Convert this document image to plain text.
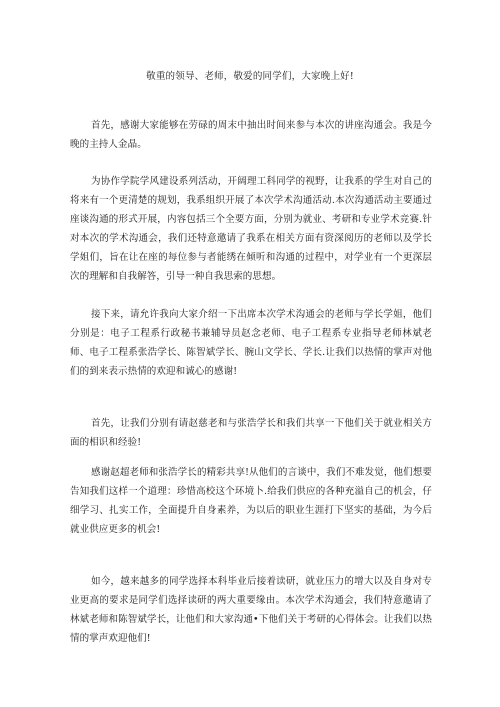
敬重的领导、老师，敬爱的同学们，大家晚上好!

首先，感谢大家能够在劳碌的周末中抽出时间来参与本次的讲座沟通会。我是今晚的主持人金晶。

为协作学院学风建设系列活动，开阔理工科同学的视野，让我系的学生对自己的将来有一个更清楚的规划，我系组织开展了本次学术沟通活动.本次沟通活动主要通过座谈沟通的形式开展，内容包括三个全要方面，分别为就业、考研和专业学术竞赛.针对本次的学术沟通会，我们还特意邀请了我系在相关方面有资深阅历的老师以及学长学姐们，旨在让在座的每位参与者能绣在倾听和沟通的过程中，对学业有一个更深层次的理解和自我解答，引导一种自我思索的思想。

接下来，请允许我向大家介绍一下出席本次学术沟通会的老师与学长学姐，他们分别是：电子工程系行政秘书兼辅导员赵念老师、电子工程系专业指导老师林斌老师、电子工程系张浩学长、陈智斌学长、腕山文学长、学长.让我们以热情的掌声对他们的到来表示热情的欢迎和诚心的感谢!

首先，让我们分别有请赵慈老和与张浩学长和我们共享一下他们关于就业相关方面的相识和经验!

感谢赵超老师和张浩学长的精彩共享!从他们的言谈中，我们不难发觉，他们想要告知我们这样一个道理：珍惜高校这个环境卜.给我们供应的各种充溢自己的机会，仔细学习、扎实工作，全面提升自身素养，为以后的职业生涯打下坚实的基础，为今后就业供应更多的机会!

如今，越来越多的同学选择本科毕业后接着读研，就业压力的增大以及自身对专业更高的要求是同学们选择读研的两大重要缘由。本次学术沟通会，我们特意邀请了林斌老师和陈智斌学长，让他们和大家沟通•下他们关于考研的心得体会。让我们以热情的掌声欢迎他们!
